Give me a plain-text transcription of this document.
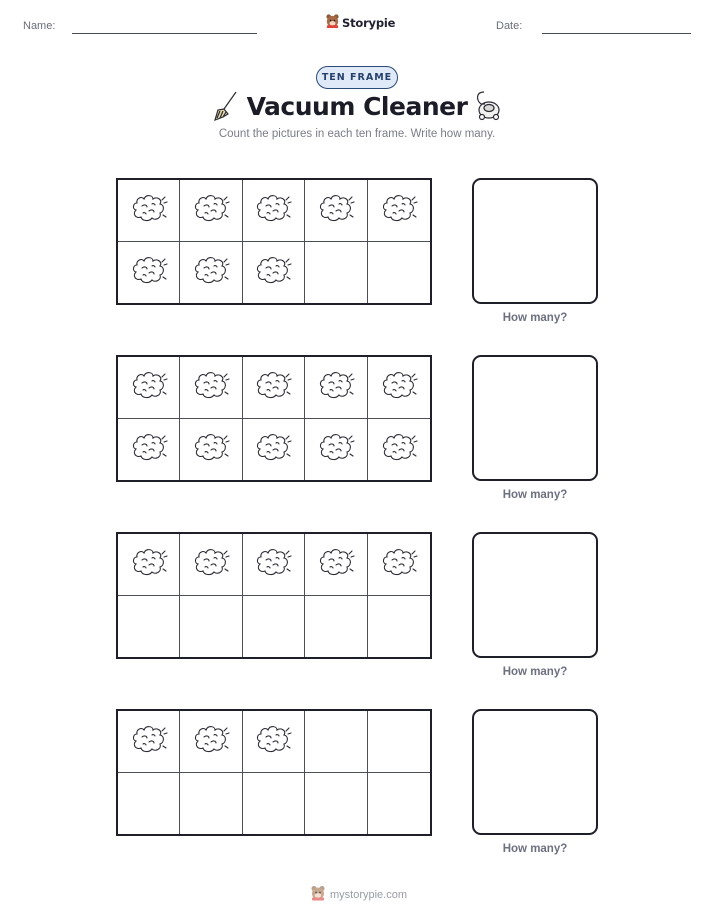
Name:	Storypie	Date:
TEN FRAME
Vacuum Cleaner
Count the pictures in each ten frame. Write how many.
How many?
How many?
How many?
How many?
mystorypie.com
